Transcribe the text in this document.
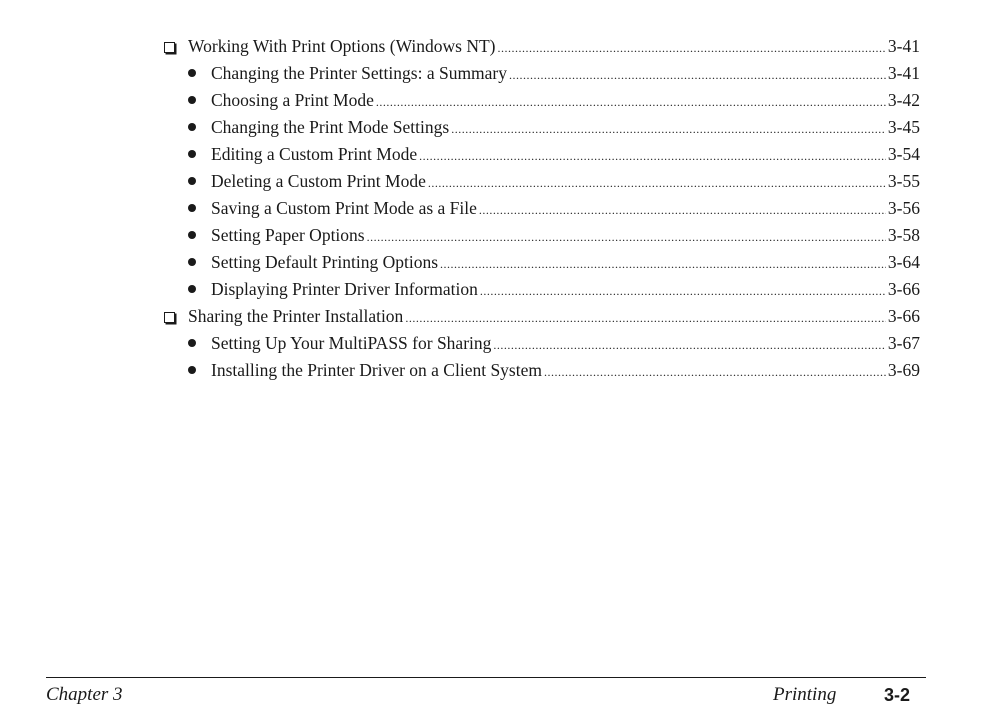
Working With Print Options (Windows NT) .....	3-41
Changing the Printer Settings: a Summary .....	3-41
Choosing a Print Mode .....	3-42
Changing the Print Mode Settings .....	3-45
Editing a Custom Print Mode .....	3-54
Deleting a Custom Print Mode .....	3-55
Saving a Custom Print Mode as a File .....	3-56
Setting Paper Options .....	3-58
Setting Default Printing Options .....	3-64
Displaying Printer Driver Information .....	3-66
Sharing the Printer Installation .....	3-66
Setting Up Your MultiPASS for Sharing .....	3-67
Installing the Printer Driver on a Client System .....	3-69
Chapter 3	Printing	3-2
